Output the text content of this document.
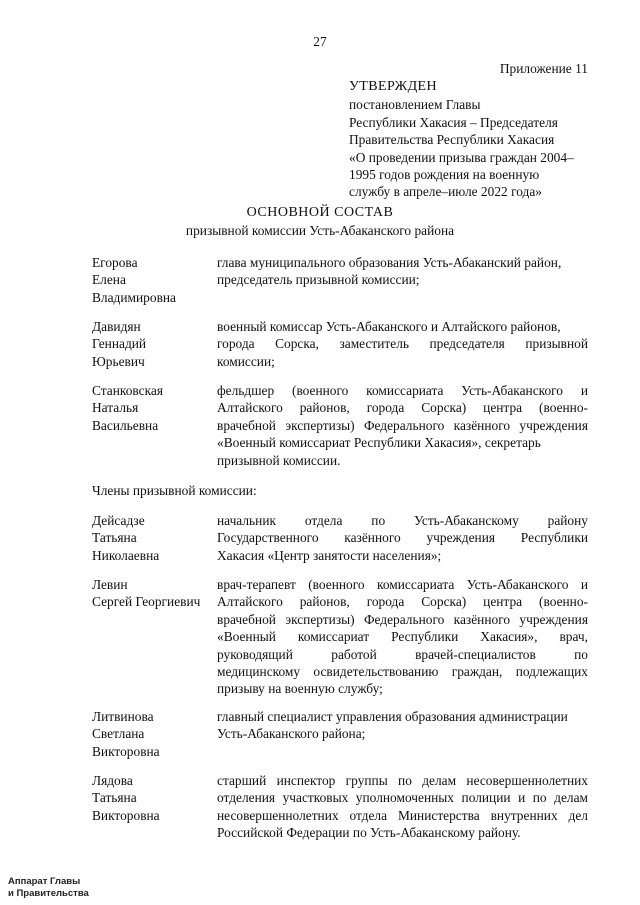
27
Приложение 11
УТВЕРЖДЕН
постановлением Главы
Республики Хакасия – Председателя
Правительства Республики Хакасия
«О проведении призыва граждан 2004–
1995 годов рождения на военную
службу в апреле–июле 2022 года»
ОСНОВНОЙ СОСТАВ
призывной комиссии Усть-Абаканского района
Егорова
Елена
Владимировна
глава муниципального образования Усть-Абаканский район,
председатель призывной комиссии;
Давидян
Геннадий
Юрьевич
военный комиссар Усть-Абаканского и Алтайского районов,
города Сорска, заместитель председателя призывной
комиссии;
Станковская
Наталья
Васильевна
фельдшер (военного комиссариата Усть-Абаканского и
Алтайского районов, города Сорска) центра (военно-
врачебной экспертизы) Федерального казённого учреждения
«Военный комиссариат Республики Хакасия», секретарь
призывной комиссии.
Члены призывной комиссии:
Дейсадзе
Татьяна
Николаевна
начальник отдела по Усть-Абаканскому району
Государственного казённого учреждения Республики
Хакасия «Центр занятости населения»;
Левин
Сергей Георгиевич
врач-терапевт (военного комиссариата Усть-Абаканского и
Алтайского районов, города Сорска) центра (военно-
врачебной экспертизы) Федерального казённого учреждения
«Военный комиссариат Республики Хакасия», врач,
руководящий работой врачей-специалистов по
медицинскому освидетельствованию граждан, подлежащих
призыву на военную службу;
Литвинова
Светлана
Викторовна
главный специалист управления образования администрации
Усть-Абаканского района;
Лядова
Татьяна
Викторовна
старший инспектор группы по делам несовершеннолетних
отделения участковых уполномоченных полиции и по делам
несовершеннолетних отдела Министерства внутренних дел
Российской Федерации по Усть-Абаканскому району.
Аппарат Главы
и Правительства
